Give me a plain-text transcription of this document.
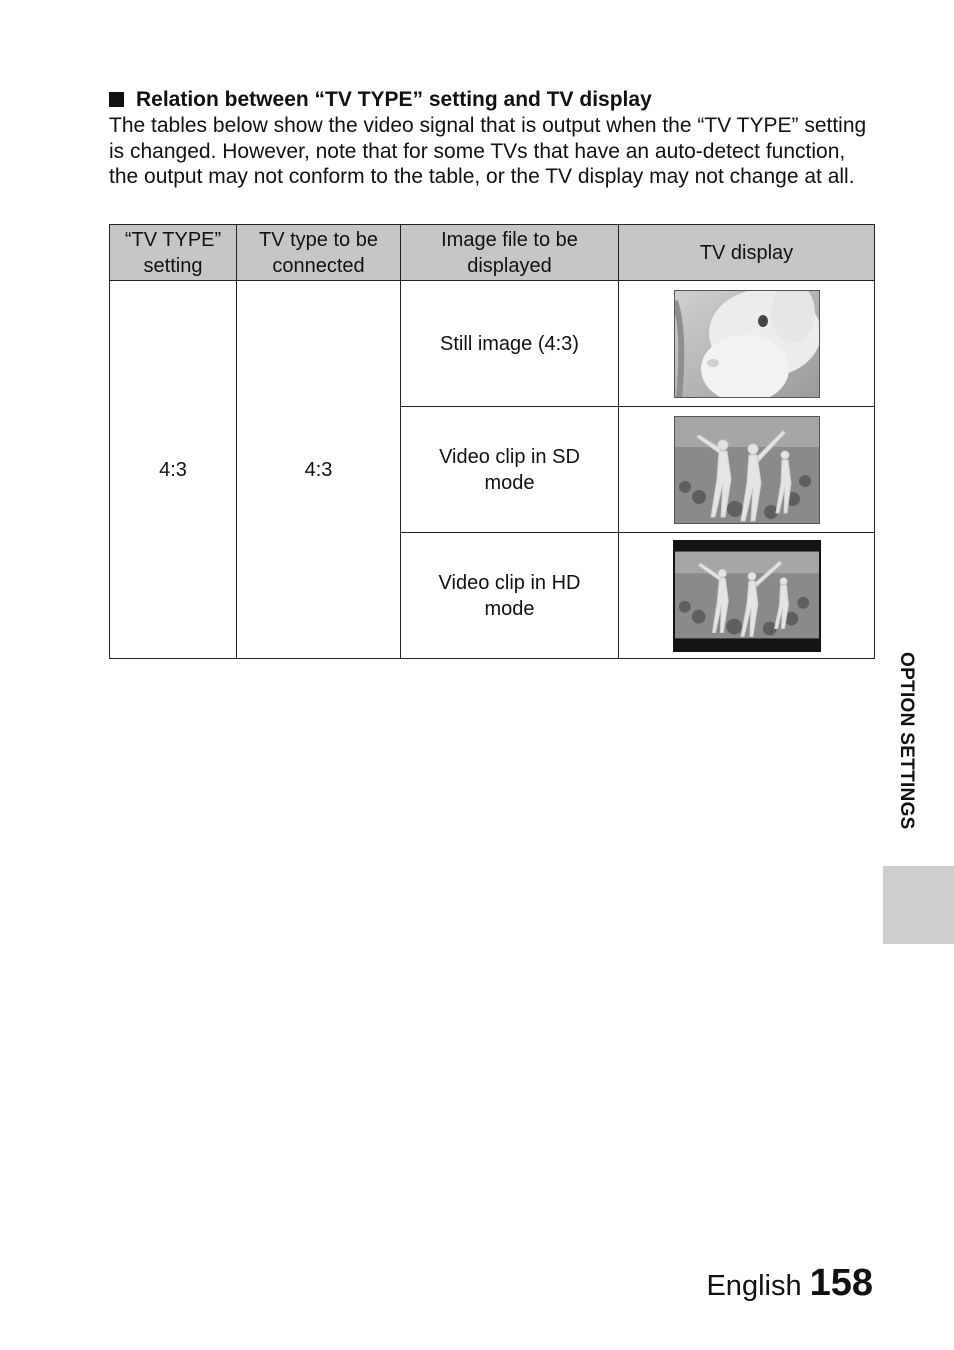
Relation between “TV TYPE” setting and TV display
The tables below show the video signal that is output when the “TV TYPE” setting is changed. However, note that for some TVs that have an auto-detect function, the output may not conform to the table, or the TV display may not change at all.
“TV TYPE” setting	TV type to be connected	Image file to be displayed	TV display
4:3	4:3	Still image (4:3)

		Video clip in SD mode

		Video clip in HD mode

OPTION SETTINGS
English 158
